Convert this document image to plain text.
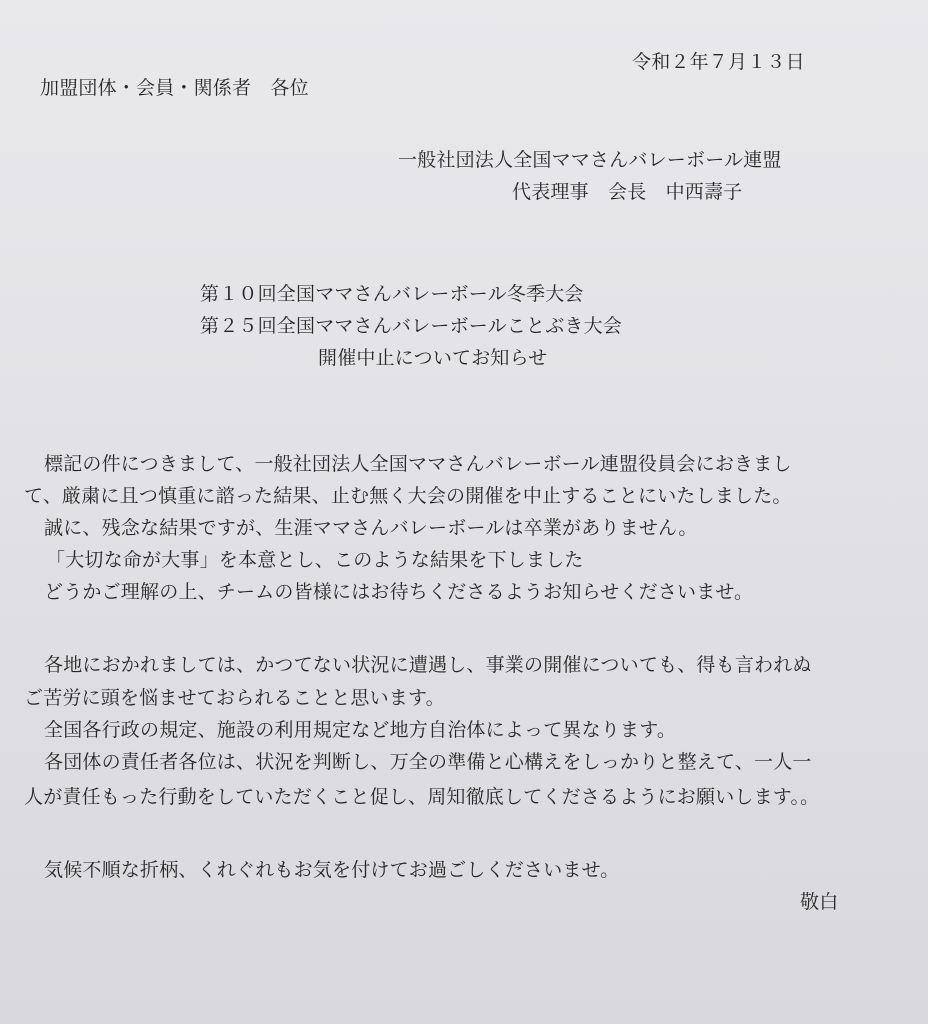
令和２年７月１３日
加盟団体・会員・関係者　各位
一般社団法人全国ママさんバレーボール連盟
代表理事　会長　中西壽子
第１０回全国ママさんバレーボール冬季大会
第２５回全国ママさんバレーボールことぶき大会
開催中止についてお知らせ
標記の件につきまして、一般社団法人全国ママさんバレーボール連盟役員会におきまし
て、厳粛に且つ慎重に諮った結果、止む無く大会の開催を中止することにいたしました。
誠に、残念な結果ですが、生涯ママさんバレーボールは卒業がありません。
「大切な命が大事」を本意とし、このような結果を下しました
どうかご理解の上、チームの皆様にはお待ちくださるようお知らせくださいませ。
各地におかれましては、かつてない状況に遭遇し、事業の開催についても、得も言われぬ
ご苦労に頭を悩ませておられることと思います。
全国各行政の規定、施設の利用規定など地方自治体によって異なります。
各団体の責任者各位は、状況を判断し、万全の準備と心構えをしっかりと整えて、一人一
人が責任もった行動をしていただくこと促し、周知徹底してくださるようにお願いします。。
気候不順な折柄、くれぐれもお気を付けてお過ごしくださいませ。
敬白
